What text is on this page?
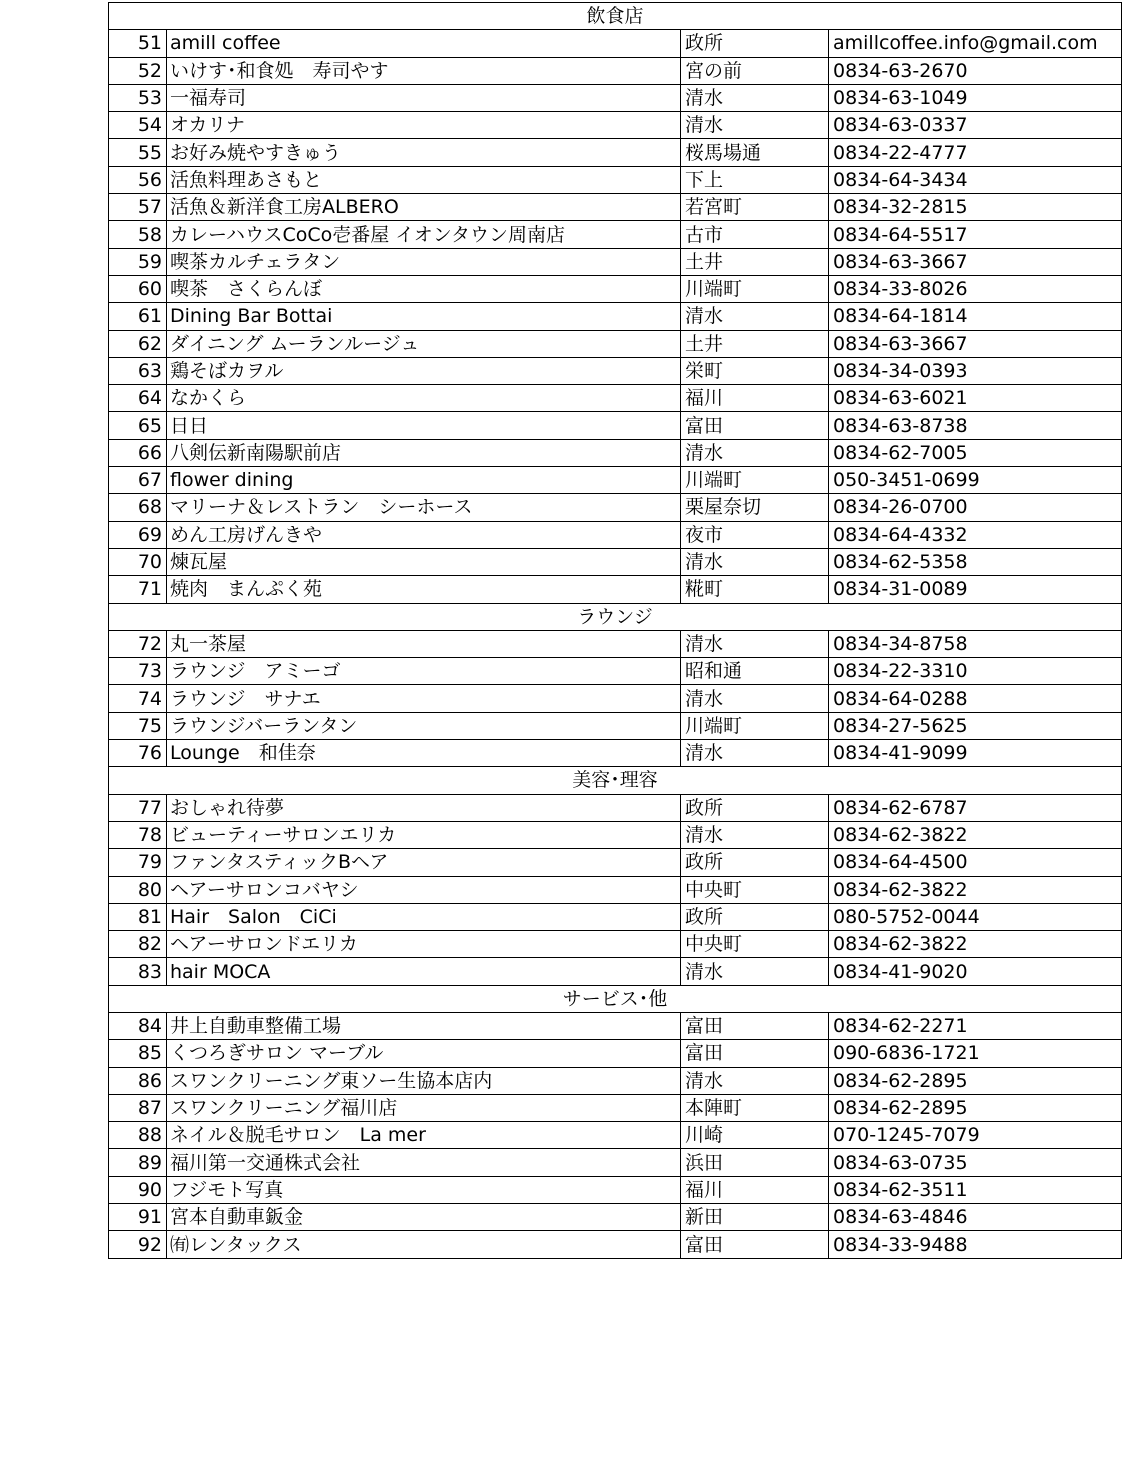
飲食店			
51	amill coffee	政所	amillcoffee.info@gmail.com
52	いけす･和食処　寿司やす	宮の前	0834-63-2670
53	一福寿司	清水	0834-63-1049
54	オカリナ	清水	0834-63-0337
55	お好み焼やすきゅう	桜馬場通	0834-22-4777
56	活魚料理あさもと	下上	0834-64-3434
57	活魚＆新洋食工房ALBERO	若宮町	0834-32-2815
58	カレーハウスCoCo壱番屋 イオンタウン周南店	古市	0834-64-5517
59	喫茶カルチェラタン	土井	0834-63-3667
60	喫茶　さくらんぼ	川端町	0834-33-8026
61	Dining Bar Bottai	清水	0834-64-1814
62	ダイニング ムーランルージュ	土井	0834-63-3667
63	鶏そばカヲル	栄町	0834-34-0393
64	なかくら	福川	0834-63-6021
65	日日	富田	0834-63-8738
66	八剣伝新南陽駅前店	清水	0834-62-7005
67	flower dining	川端町	050-3451-0699
68	マリーナ＆レストラン　シーホース	栗屋奈切	0834-26-0700
69	めん工房げんきや	夜市	0834-64-4332
70	煉瓦屋	清水	0834-62-5358
71	焼肉　まんぷく苑	糀町	0834-31-0089
ラウンジ			
72	丸一茶屋	清水	0834-34-8758
73	ラウンジ　アミーゴ	昭和通	0834-22-3310
74	ラウンジ　サナエ	清水	0834-64-0288
75	ラウンジバーランタン	川端町	0834-27-5625
76	Lounge　和佳奈	清水	0834-41-9099
美容･理容			
77	おしゃれ待夢	政所	0834-62-6787
78	ビューティーサロンエリカ	清水	0834-62-3822
79	ファンタスティックBヘア	政所	0834-64-4500
80	ヘアーサロンコバヤシ	中央町	0834-62-3822
81	Hair　Salon　CiCi	政所	080-5752-0044
82	ヘアーサロンドエリカ	中央町	0834-62-3822
83	hair MOCA	清水	0834-41-9020
サービス･他			
84	井上自動車整備工場	富田	0834-62-2271
85	くつろぎサロン マーブル	富田	090-6836-1721
86	スワンクリーニング東ソー生協本店内	清水	0834-62-2895
87	スワンクリーニング福川店	本陣町	0834-62-2895
88	ネイル＆脱毛サロン　La mer	川崎	070-1245-7079
89	福川第一交通株式会社	浜田	0834-63-0735
90	フジモト写真	福川	0834-62-3511
91	宮本自動車鈑金	新田	0834-63-4846
92	㈲レンタックス	富田	0834-33-9488
